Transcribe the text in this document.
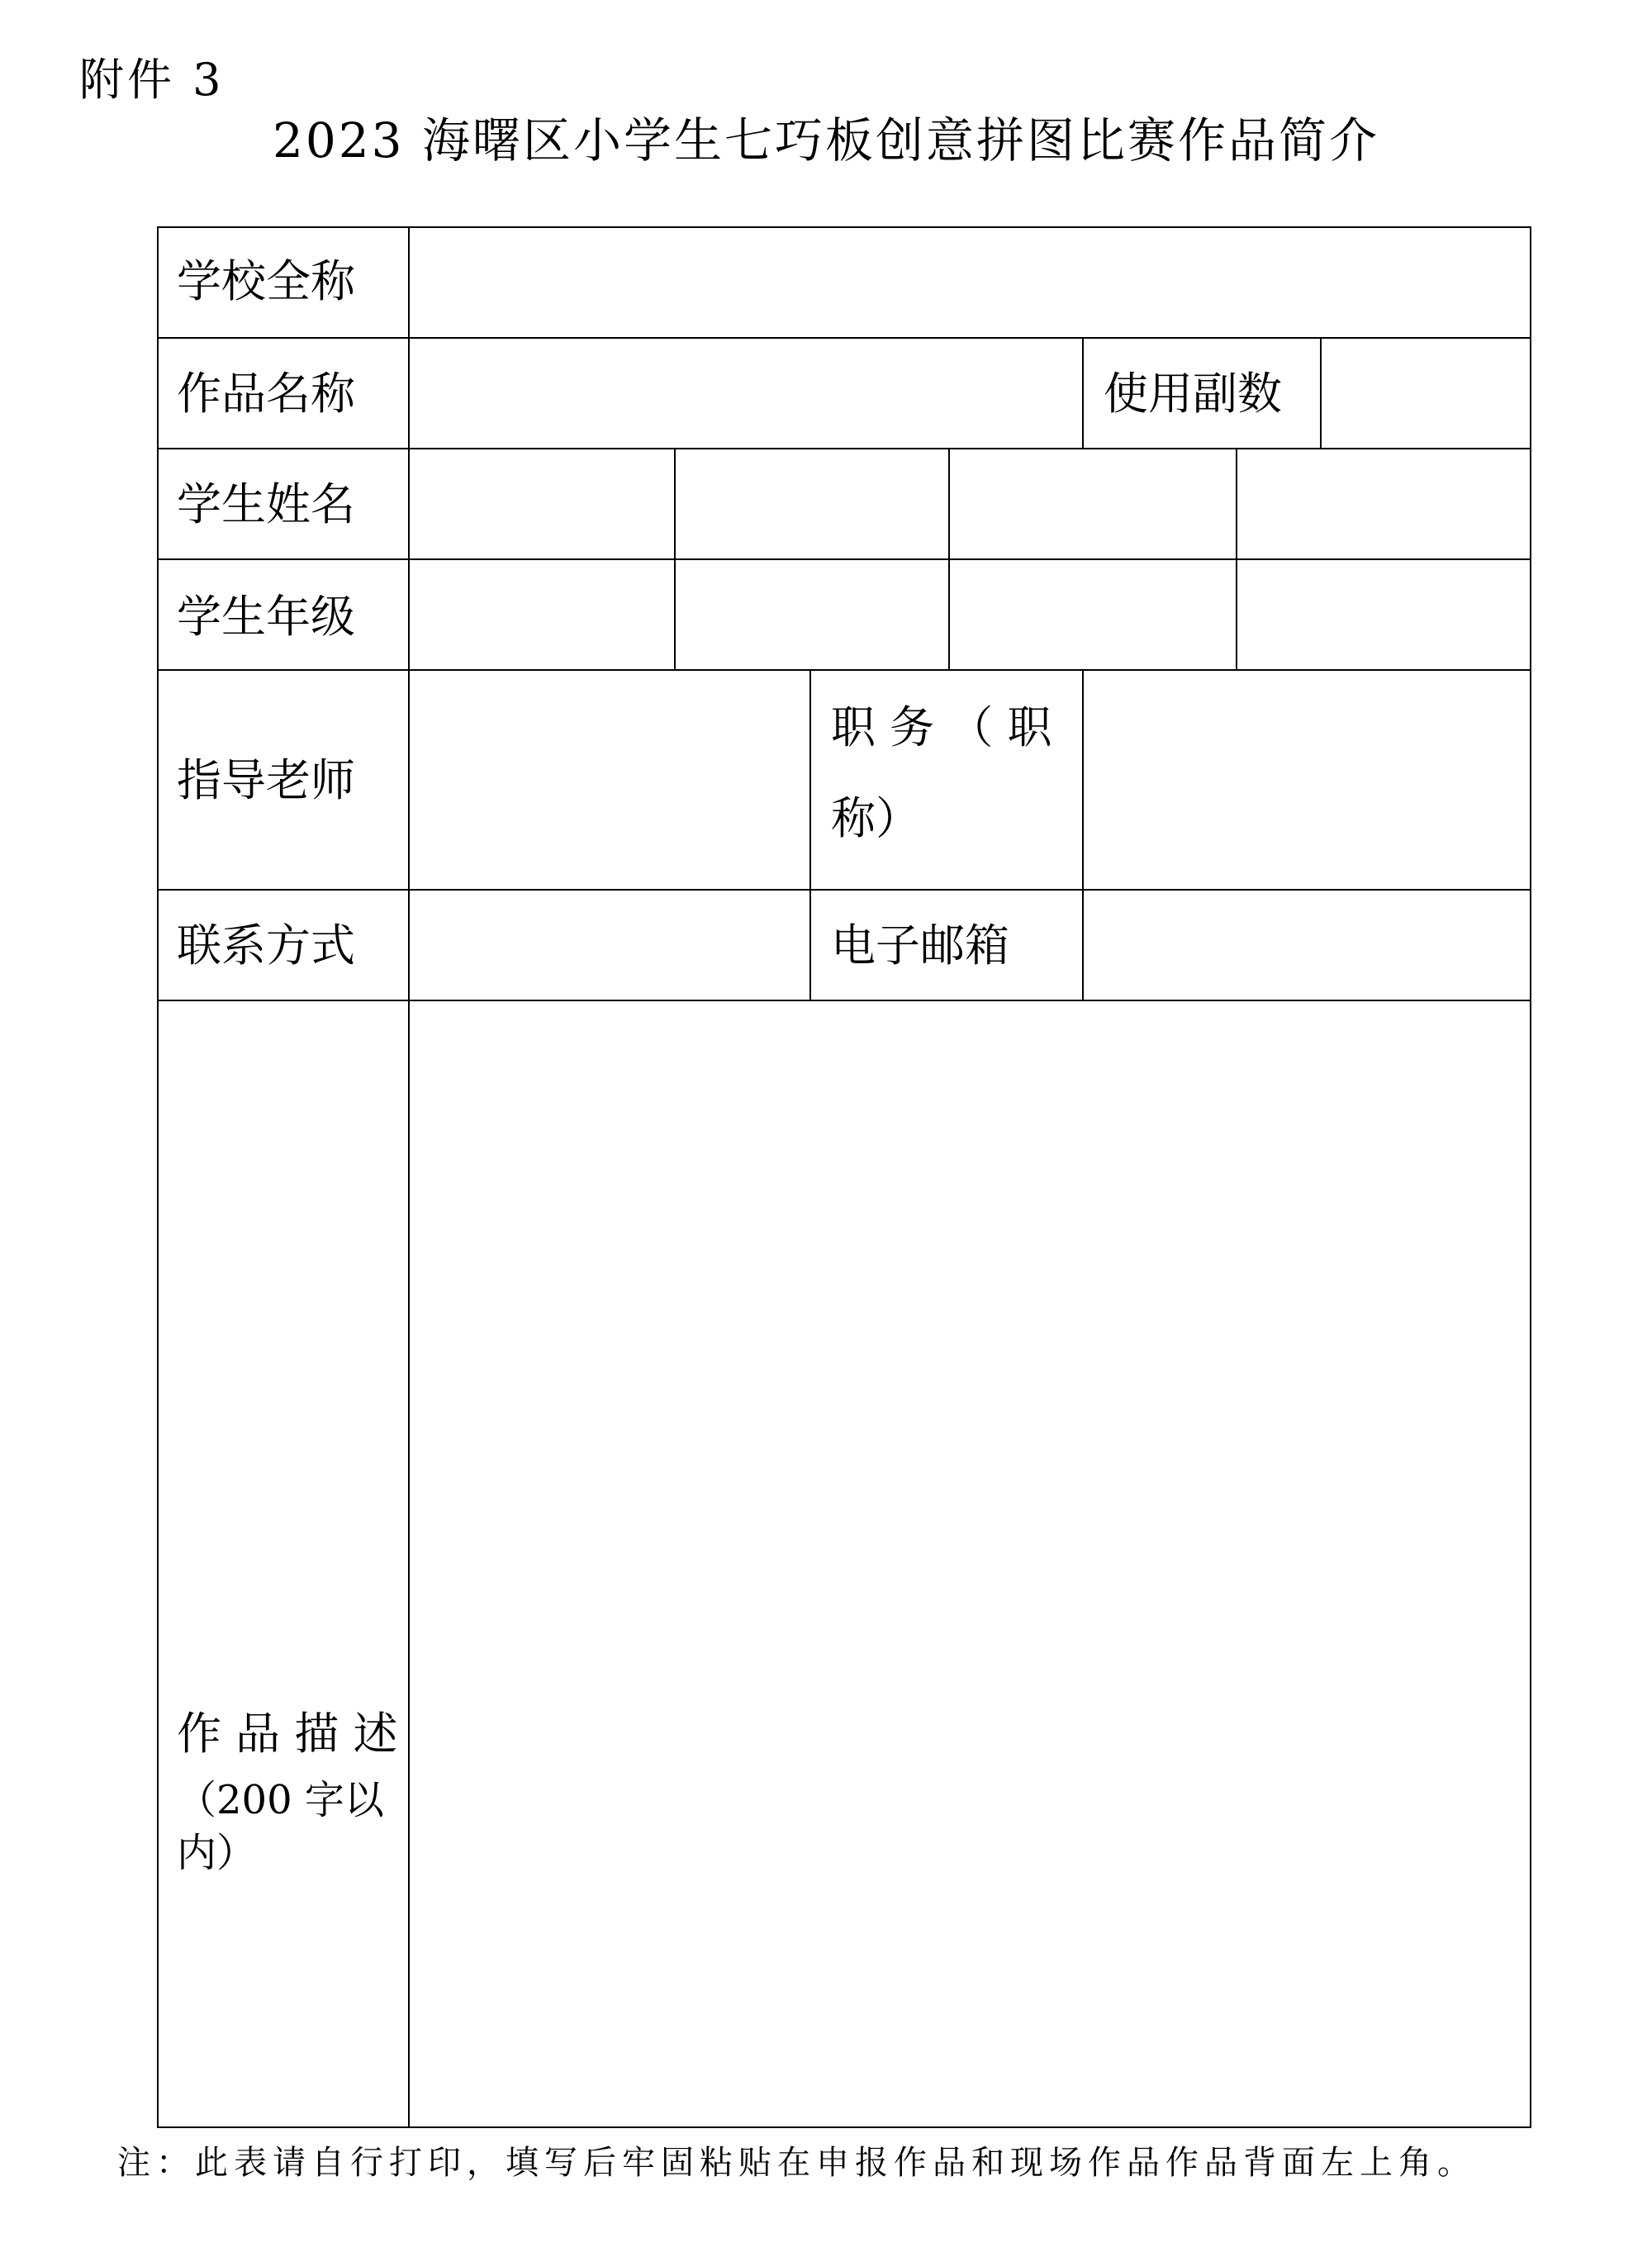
附件 3
2023 海曙区小学生七巧板创意拼图比赛作品简介
学校全称
作品名称	使用副数
学生姓名
学生年级
指导老师
职 务 （ 职
称）
联系方式	电子邮箱
作 品 描 述
（200 字以
内）
注：此表请自行打印，填写后牢固粘贴在申报作品和现场作品作品背面左上角。
